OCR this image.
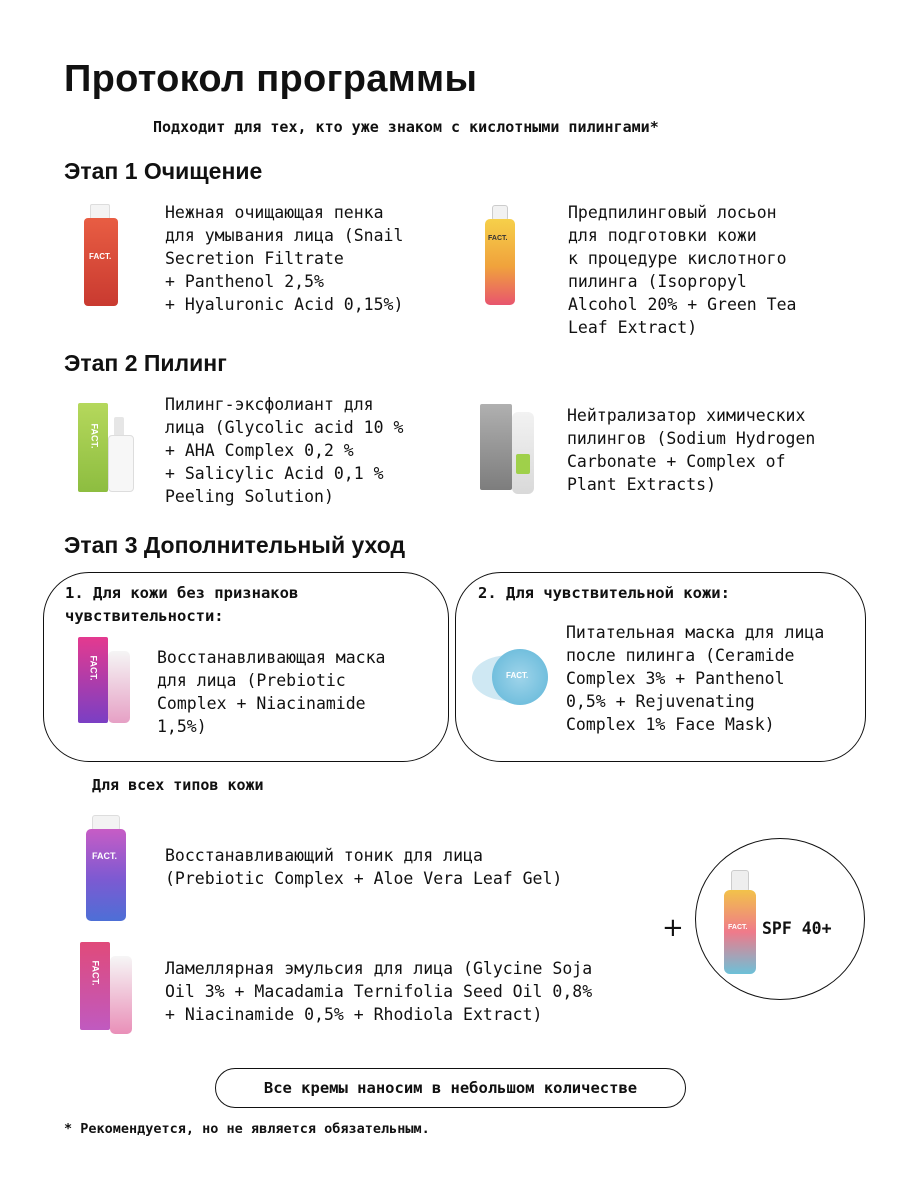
Протокол программы
Подходит для тех, кто уже знаком с кислотными пилингами*
Этап 1 Очищение
FACT.
Нежная очищающая пенка
для умывания лица (Snail
Secretion Filtrate
+ Panthenol 2,5%
+ Hyaluronic Acid 0,15%)
FACT.
Предпилинговый лосьон
для подготовки кожи
к процедуре кислотного
пилинга (Isopropyl
Alcohol 20% + Green Tea
Leaf Extract)
Этап 2 Пилинг
FACT.
Пилинг-эксфолиант для
лица (Glycolic acid 10 %
+ AHA Complex 0,2 %
+ Salicylic Acid 0,1 %
Peeling Solution)
Нейтрализатор химических
пилингов (Sodium Hydrogen
Carbonate + Complex of
Plant Extracts)
Этап 3 Дополнительный уход
1. Для кожи без признаков
чувствительности:
FACT.	Восстанавливающая маска
для лица (Prebiotic
Complex + Niacinamide
1,5%)
2. Для чувствительной кожи:
FACT.
Питательная маска для лица
после пилинга (Ceramide
Complex 3% + Panthenol
0,5% + Rejuvenating
Complex 1% Face Mask)
Для всех типов кожи
FACT.	Восстанавливающий тоник для лица
(Prebiotic Complex + Aloe Vera Leaf Gel)
FACT.	Ламеллярная эмульсия для лица (Glycine Soja
Oil 3% + Macadamia Ternifolia Seed Oil 0,8%
+ Niacinamide 0,5% + Rhodiola Extract)
+	FACT. SPF 40+
Все кремы наносим в небольшом количестве
* Рекомендуется, но не является обязательным.
